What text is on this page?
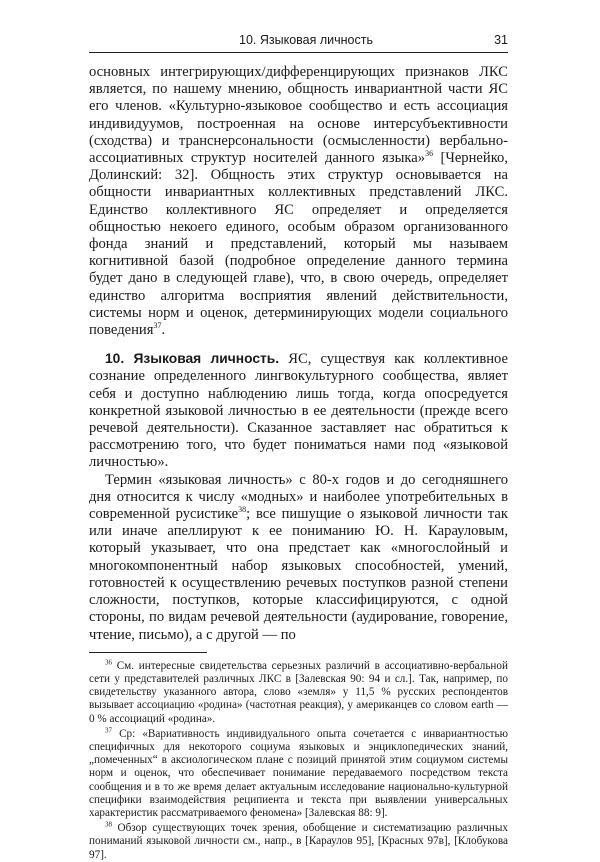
10. Языковая личность	31

основных интегрирующих/дифференцирующих признаков ЛКС является, по нашему мнению, общность инвариантной части ЯС его членов. «Культурно-языковое сообщество и есть ассоциация индивидуумов, построенная на основе интерсубъективности (сходства) и транснерсональности (осмысленности) вербально-ассоциативных структур носителей данного языка»$^{36}$ [Чернейко, Долинский: 32]. Общность этих структур основывается на общности инвариантных коллективных представлений ЛКС. Единство коллективного ЯС определяет и определяется общностью некоего единого, особым образом организованного фонда знаний и представлений, который мы называем когнитивной базой (подробное определение данного термина будет дано в следующей главе), что, в свою очередь, определяет единство алгоритма восприятия явлений действительности, системы норм и оценок, детерминирующих модели социального поведения$^{37}$.

10. Языковая личность. ЯС, существуя как коллективное сознание определенного лингвокультурного сообщества, являет себя и доступно наблюдению лишь тогда, когда опосредуется конкретной языковой личностью в ее деятельности (прежде всего речевой деятельности). Сказанное заставляет нас обратиться к рассмотрению того, что будет пониматься нами под «языковой личностью».

Термин «языковая личность» с 80-х годов и до сегодняшнего дня относится к числу «модных» и наиболее употребительных в современной русистике$^{38}$; все пишущие о языковой личности так или иначе апеллируют к ее пониманию Ю. Н. Карауловым, который указывает, что она предстает как «многослойный и многокомпонентный набор языковых способностей, умений, готовностей к осуществлению речевых поступков разной степени сложности, поступков, которые классифицируются, с одной стороны, по видам речевой деятельности (аудирование, говорение, чтение, письмо), а с другой — по

$^{36}$ См. интересные свидетельства серьезных различий в ассоциативно-вербальной сети у представителей различных ЛКС в [Залевская 90: 94 и сл.]. Так, например, по свидетельству указанного автора, слово «земля» у 11,5 % русских респондентов вызывает ассоциацию «родина» (частотная реакция), у американцев со словом earth — 0 % ассоциаций «родина».

$^{37}$ Ср: «Вариативность индивидуального опыта сочетается с инвариантностью специфичных для некоторого социума языковых и энциклопедических знаний, „помеченных“ в аксиологическом плане с позиций принятой этим социумом системы норм и оценок, что обеспечивает понимание передаваемого посредством текста сообщения и в то же время делает актуальным исследование национально-культурной специфики взаимодействия реципиента и текста при выявлении универсальных характеристик рассматриваемого феномена» [Залевская 88: 9].

$^{38}$ Обзор существующих точек зрения, обобщение и систематизацию различных пониманий языковой личности см., напр., в [Караулов 95], [Красных 97в], [Клобукова 97].
